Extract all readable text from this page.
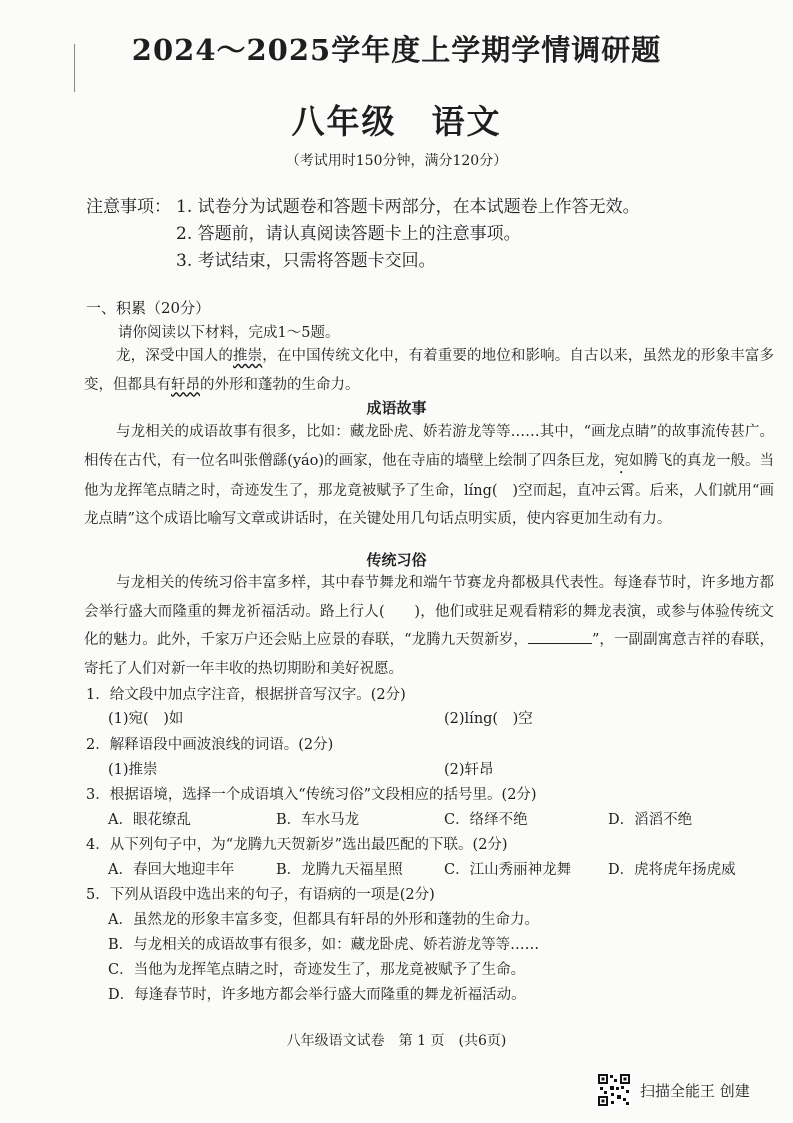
2024～2025学年度上学期学情调研题
八年级　语文
（考试用时150分钟，满分120分）
注意事项： 1. 试卷分为试题卷和答题卡两部分，在本试题卷上作答无效。
2. 答题前，请认真阅读答题卡上的注意事项。
3. 考试结束，只需将答题卡交回。
一、积累（20分）
请你阅读以下材料，完成1～5题。
龙，深受中国人的推崇，在中国传统文化中，有着重要的地位和影响。自古以来，虽然龙的形象丰富多变，但都具有轩昂的外形和蓬勃的生命力。
成语故事
与龙相关的成语故事有很多，比如：藏龙卧虎、娇若游龙等等……其中，“画龙点睛”的故事流传甚广。相传在古代，有一位名叫张僧繇(yáo)的画家，他在寺庙的墙壁上绘制了四条巨龙，宛如腾飞的真龙一般。当他为龙挥笔点睛之时，奇迹发生了，那龙竟被赋予了生命，líng(　)空而起，直冲云霄。后来，人们就用“画龙点睛”这个成语比喻写文章或讲话时，在关键处用几句话点明实质，使内容更加生动有力。
传统习俗
与龙相关的传统习俗丰富多样，其中春节舞龙和端午节赛龙舟都极具代表性。每逢春节时，许多地方都会举行盛大而隆重的舞龙祈福活动。路上行人(　　)，他们或驻足观看精彩的舞龙表演，或参与体验传统文化的魅力。此外，千家万户还会贴上应景的春联，“龙腾九天贺新岁，	”，一副副寓意吉祥的春联，寄托了人们对新一年丰收的热切期盼和美好祝愿。
1．给文段中加点字注音，根据拼音写汉字。(2分)
(1)宛(　)如	(2)líng(　)空
2．解释语段中画波浪线的词语。(2分)
(1)推崇	(2)轩昂
3．根据语境，选择一个成语填入“传统习俗”文段相应的括号里。(2分)
A．眼花缭乱	B．车水马龙	C．络绎不绝	D．滔滔不绝
4．从下列句子中，为“龙腾九天贺新岁”选出最匹配的下联。(2分)
A．春回大地迎丰年	B．龙腾九天福星照	C．江山秀丽神龙舞	D．虎将虎年扬虎威
5．下列从语段中选出来的句子，有语病的一项是(2分)
A．虽然龙的形象丰富多变，但都具有轩昂的外形和蓬勃的生命力。
B．与龙相关的成语故事有很多，如：藏龙卧虎、娇若游龙等等……
C．当他为龙挥笔点睛之时，奇迹发生了，那龙竟被赋予了生命。
D．每逢春节时，许多地方都会举行盛大而隆重的舞龙祈福活动。
八年级语文试卷　第 1 页　(共6页)
扫描全能王 创建
